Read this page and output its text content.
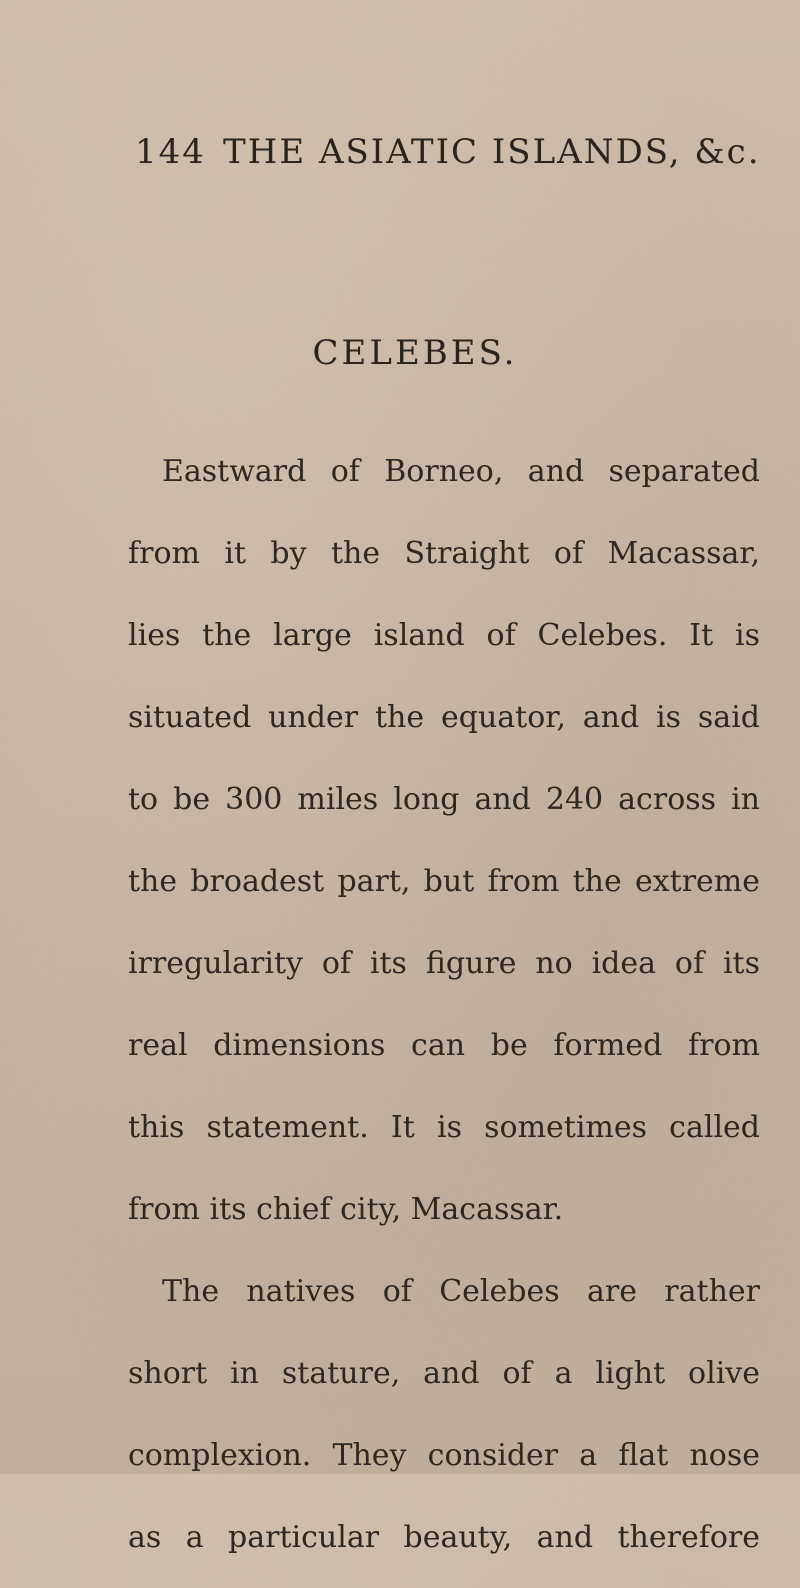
144 THE ASIATIC ISLANDS, &c.
CELEBES.
Eastward of Borneo, and separated
from it by the Straight of Macassar,
lies the large island of Celebes. It is
situated under the equator, and is said
to be 300 miles long and 240 across in
the broadest part, but from the extreme
irregularity of its figure no idea of its
real dimensions can be formed from
this statement. It is sometimes called
from its chief city, Macassar.
The natives of Celebes are rather
short in stature, and of a light olive
complexion. They consider a flat nose
as a particular beauty, and therefore
